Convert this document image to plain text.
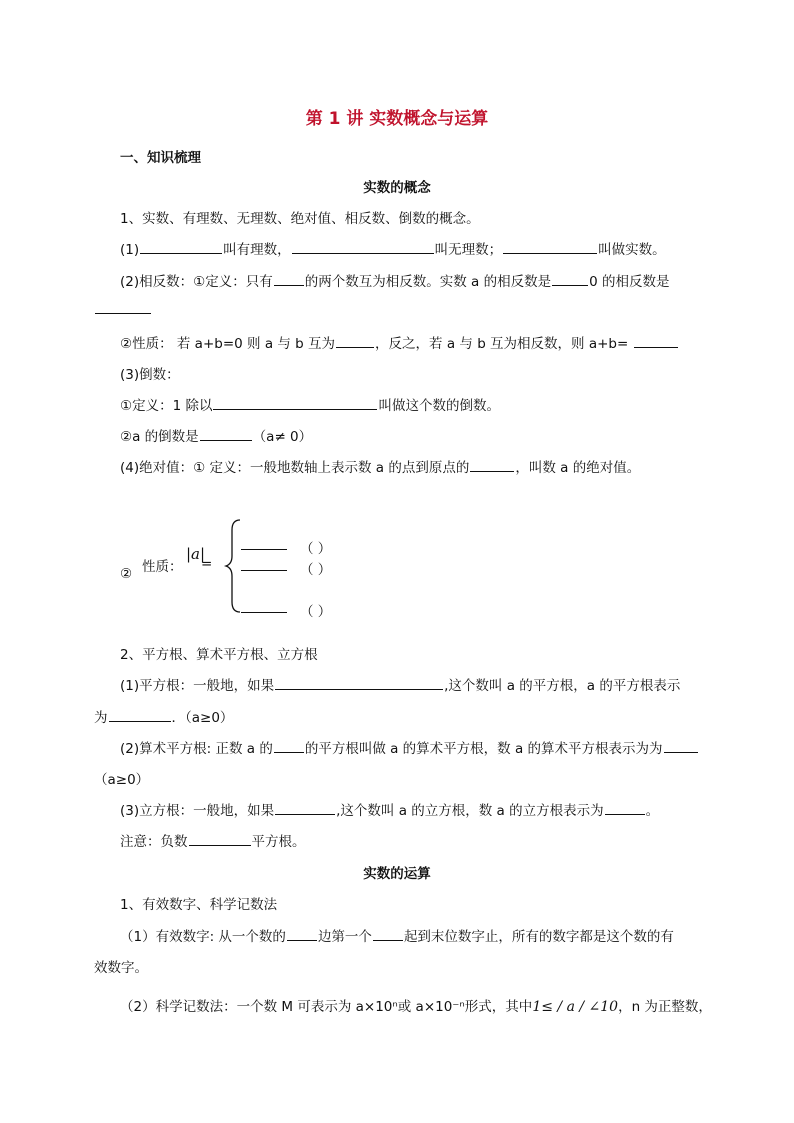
第 1 讲 实数概念与运算
一、知识梳理
实数的概念
1、实数、有理数、无理数、绝对值、相反数、倒数的概念。
(1)	叫有理数，	叫无理数；	叫做实数。
(2)相反数：①定义：只有 的两个数互为相反数。实数 a 的相反数是	0 的相反数是
②性质： 若 a+b=0 则 a 与 b 互为	，反之，若 a 与 b 互为相反数，则 a+b=
(3)倒数：
①定义：1 除以	叫做这个数的倒数。
②a 的倒数是	（a≠ 0）
(4)绝对值：① 定义：一般地数轴上表示数 a 的点到原点的	，叫数 a 的绝对值。
② 性质：
|a|
=
（ ）
（ ）
（ ）
2、平方根、算术平方根、立方根
(1)平方根：一般地，如果	,这个数叫 a 的平方根，a 的平方根表示
为	．（a≥0）
(2)算术平方根: 正数 a 的 的平方根叫做 a 的算术平方根，数 a 的算术平方根表示为为
（a≥0）
(3)立方根：一般地，如果	,这个数叫 a 的立方根，数 a 的立方根表示为	。
注意：负数	平方根。
实数的运算
1、有效数字、科学记数法
（1）有效数字: 从一个数的 边第一个 起到末位数字止，所有的数字都是这个数的有
效数字。
（2）科学记数法：一个数 M 可表示为 a×10ⁿ或 a×10⁻ⁿ形式，其中1≤ / a / ∠10，n 为正整数，
